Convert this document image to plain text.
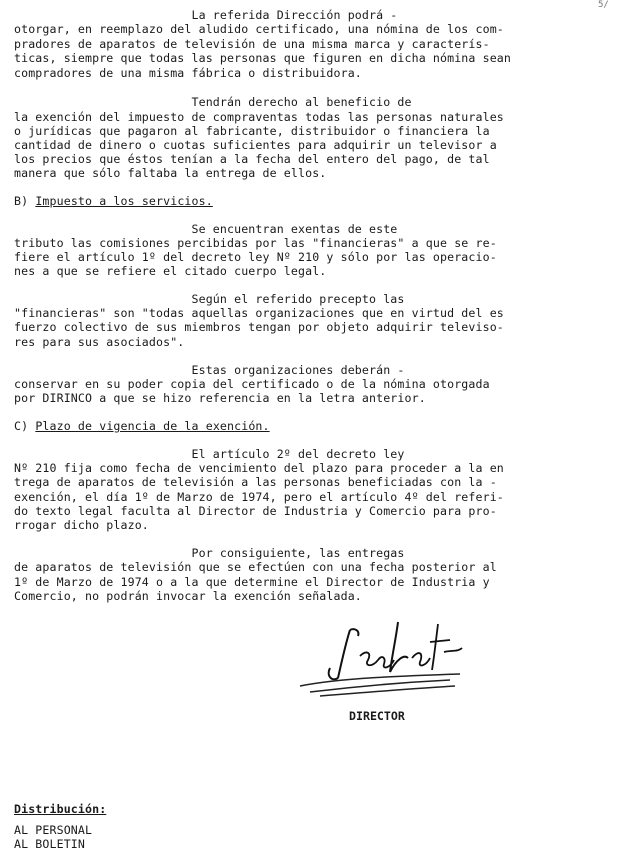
5/
La referida Dirección podrá -
otorgar, en reemplazo del aludido certificado, una nómina de los com-
pradores de aparatos de televisión de una misma marca y caracterís-
ticas, siempre que todas las personas que figuren en dicha nómina sean
compradores de una misma fábrica o distribuidora.
Tendrán derecho al beneficio de
la exención del impuesto de compraventas todas las personas naturales
o jurídicas que pagaron al fabricante, distribuidor o financiera la
cantidad de dinero o cuotas suficientes para adquirir un televisor a
los precios que éstos tenían a la fecha del entero del pago, de tal
manera que sólo faltaba la entrega de ellos.
B) Impuesto a los servicios.
Se encuentran exentas de este
tributo las comisiones percibidas por las "financieras" a que se re-
fiere el artículo 1º del decreto ley Nº 210 y sólo por las operacio-
nes a que se refiere el citado cuerpo legal.
Según el referido precepto las
"financieras" son "todas aquellas organizaciones que en virtud del es
fuerzo colectivo de sus miembros tengan por objeto adquirir televiso-
res para sus asociados".
Estas organizaciones deberán -
conservar en su poder copia del certificado o de la nómina otorgada
por DIRINCO a que se hizo referencia en la letra anterior.
C) Plazo de vigencia de la exención.
El artículo 2º del decreto ley
Nº 210 fija como fecha de vencimiento del plazo para proceder a la en
trega de aparatos de televisión a las personas beneficiadas con la -
exención, el día 1º de Marzo de 1974, pero el artículo 4º del referi-
do texto legal faculta al Director de Industria y Comercio para pro-
rrogar dicho plazo.
Por consiguiente, las entregas
de aparatos de televisión que se efectúen con una fecha posterior al
1º de Marzo de 1974 o a la que determine el Director de Industria y
Comercio, no podrán invocar la exención señalada.
DIRECTOR
Distribución:
AL PERSONAL
AL BOLETIN
